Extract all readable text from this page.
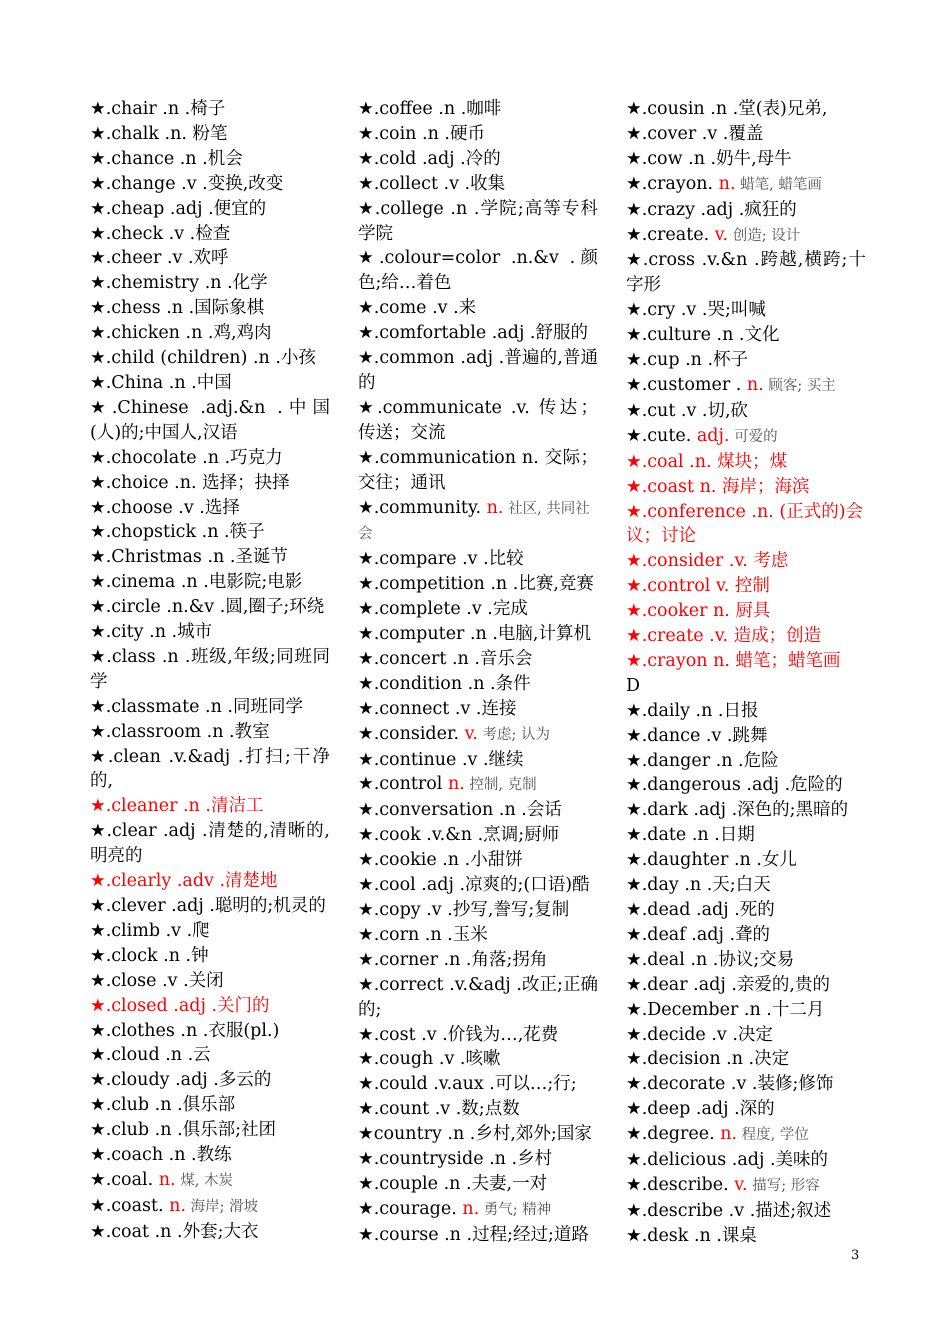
★.chair .n .椅子
★.chalk .n. 粉笔
★.chance .n .机会
★.change .v .变换,改变
★.cheap .adj .便宜的
★.check .v .检查
★.cheer .v .欢呼
★.chemistry .n .化学
★.chess .n .国际象棋
★.chicken .n .鸡,鸡肉
★.child (children) .n .小孩
★.China .n .中国
★.Chinese .adj.&n .中国(人)的;中国人,汉语
★.chocolate .n .巧克力
★.choice .n. 选择；抉择
★.choose .v .选择
★.chopstick .n .筷子
★.Christmas .n .圣诞节
★.cinema .n .电影院;电影
★.circle .n.&v .圆,圈子;环绕
★.city .n .城市
★.class .n .班级,年级;同班同学
★.classmate .n .同班同学
★.classroom .n .教室
★.clean .v.&adj .打扫;干净的,
★.cleaner .n .清洁工
★.clear .adj .清楚的,清晰的,明亮的
★.clearly .adv .清楚地
★.clever .adj .聪明的;机灵的
★.climb .v .爬
★.clock .n .钟
★.close .v .关闭
★.closed .adj .关门的
★.clothes .n .衣服(pl.)
★.cloud .n .云
★.cloudy .adj .多云的
★.club .n .俱乐部
★.club .n .俱乐部;社团
★.coach .n .教练
★.coal. n. 煤, 木炭
★.coast. n. 海岸; 滑坡
★.coat .n .外套;大衣
★.coffee .n .咖啡
★.coin .n .硬币
★.cold .adj .冷的
★.collect .v .收集
★.college .n .学院;高等专科学院
★.colour=color .n.&v .颜色;给…着色
★.come .v .来
★.comfortable .adj .舒服的
★.common .adj .普遍的,普通的
★.communicate .v. 传达；传送；交流
★.communication n. 交际；交往；通讯
★.community. n. 社区, 共同社会
★.compare .v .比较
★.competition .n .比赛,竞赛
★.complete .v .完成
★.computer .n .电脑,计算机
★.concert .n .音乐会
★.condition .n .条件
★.connect .v .连接
★.consider. v. 考虑; 认为
★.continue .v .继续
★.control n. 控制, 克制
★.conversation .n .会话
★.cook .v.&n .烹调;厨师
★.cookie .n .小甜饼
★.cool .adj .凉爽的;(口语)酷
★.copy .v .抄写,誊写;复制
★.corn .n .玉米
★.corner .n .角落;拐角
★.correct .v.&adj .改正;正确的;
★.cost .v .价钱为…,花费
★.cough .v .咳嗽
★.could .v.aux .可以…;行;
★.count .v .数;点数
★country .n .乡村,郊外;国家
★.countryside .n .乡村
★.couple .n .夫妻,一对
★.courage. n. 勇气; 精神
★.course .n .过程;经过;道路
★.cousin .n .堂(表)兄弟,
★.cover .v .覆盖
★.cow .n .奶牛,母牛
★.crayon. n. 蜡笔, 蜡笔画
★.crazy .adj .疯狂的
★.create. v. 创造; 设计
★.cross .v.&n .跨越,横跨;十字形
★.cry .v .哭;叫喊
★.culture .n .文化
★.cup .n .杯子
★.customer . n. 顾客; 买主
★.cut .v .切,砍
★.cute. adj. 可爱的
★.coal .n. 煤块；煤
★.coast n. 海岸；海滨
★.conference .n. (正式的)会议；讨论
★.consider .v. 考虑
★.control v. 控制
★.cooker n. 厨具
★.create .v. 造成；创造
★.crayon n. 蜡笔；蜡笔画
D
★.daily .n .日报
★.dance .v .跳舞
★.danger .n .危险
★.dangerous .adj .危险的
★.dark .adj .深色的;黑暗的
★.date .n .日期
★.daughter .n .女儿
★.day .n .天;白天
★.dead .adj .死的
★.deaf .adj .聋的
★.deal .n .协议;交易
★.dear .adj .亲爱的,贵的
★.December .n .十二月
★.decide .v .决定
★.decision .n .决定
★.decorate .v .装修;修饰
★.deep .adj .深的
★.degree. n. 程度, 学位
★.delicious .adj .美味的
★.describe. v. 描写; 形容
★.describe .v .描述;叙述
★.desk .n .课桌
3
